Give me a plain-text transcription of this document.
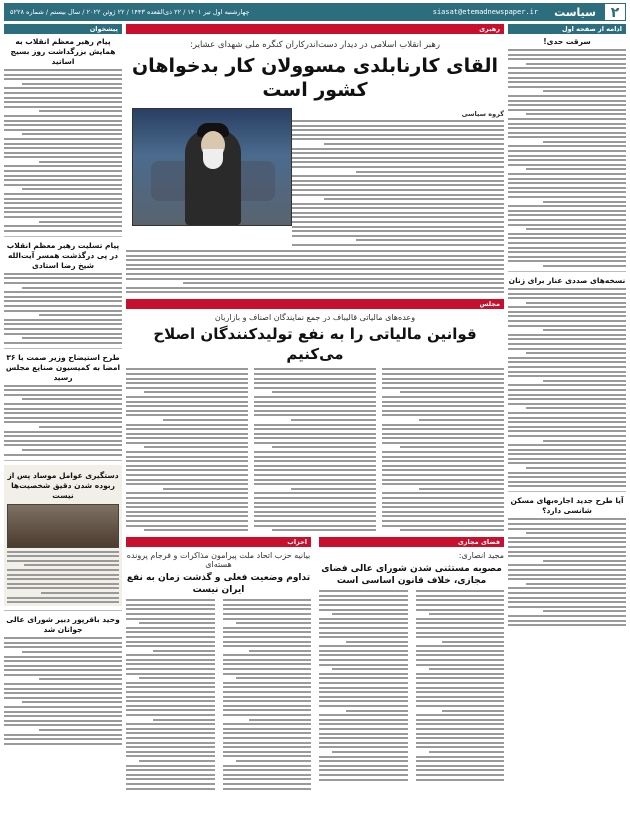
۲
سیاست
siasat@etemadnewspaper.ir
چهارشنبه اول تیر ۱۴۰۱ / ۲۲ ذی‌القعده ۱۴۴۳ / ۲۲ ژوئن ۲۰۲۲ / سال بیستم / شماره ۵۲۲۸
ادامه از صفحه اول
سرقت حدی!
نسخه‌های صددی عنار برای زنان
آیا طرح جدید اجاره‌بهای مسکن شانسی دارد؟
رهبری
رهبر انقلاب اسلامی در دیدار دست‌اندرکاران کنگره ملی شهدای عشایر:
القای کارنابلدی مسوولان کار بدخواهان کشور است
گروه سیاسی
مجلس
وعده‌های مالیاتی قالیباف در جمع نمایندگان اصناف و بازاریان
قوانین مالیاتی را به نفع تولیدکنندگان اصلاح می‌کنیم
فضای مجازی
مجید انصاری:
مصوبه مستثنی شدن شورای عالی فضای مجازی، خلاف قانون اساسی است
احزاب
بیانیه حزب اتحاد ملت پیرامون مذاکرات و فرجام پرونده هسته‌ای
تداوم وضعیت فعلی و گذشت زمان به نفع ایران نیست
پیشخوان
پیام رهبر معظم انقلاب به همایش بزرگداشت روز بسیج اساتید
پیام تسلیت رهبر معظم انقلاب در پی درگذشت همسر آیت‌الله شیخ رضا استادی
طرح استیضاح وزیر صمت با ۳۶ امضا به کمیسیون صنایع مجلس رسید
دستگیری عوامل موساد پس از ربوده شدن دقیق شخصیت‌ها نیست
وحید باقرپور دبیر شورای عالی جوانان شد
